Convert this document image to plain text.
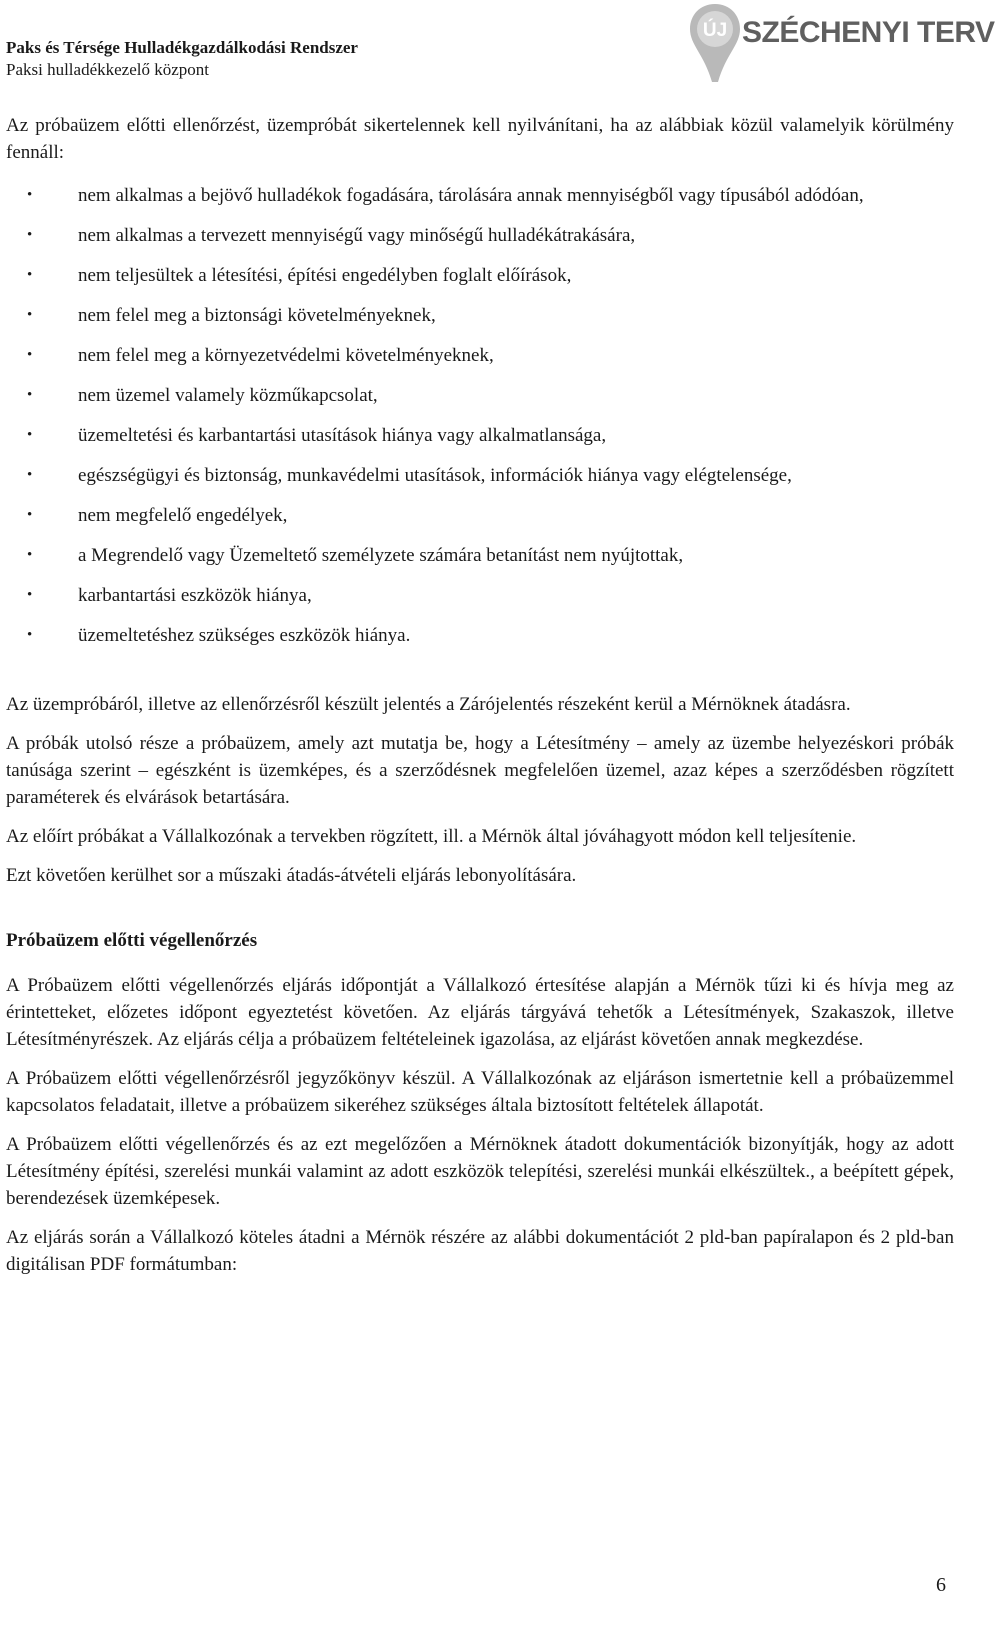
Paks és Térsége Hulladékgazdálkodási Rendszer
Paksi hulladékkezelő központ
ÚJ SZÉCHENYI TERV

Az próbaüzem előtti ellenőrzést, üzempróbát sikertelennek kell nyilvánítani, ha az alábbiak közül valamelyik körülmény fennáll:

• nem alkalmas a bejövő hulladékok fogadására, tárolására annak mennyiségből vagy típusából adódóan,
• nem alkalmas a tervezett mennyiségű vagy minőségű hulladékátrakására,
• nem teljesültek a létesítési, építési engedélyben foglalt előírások,
• nem felel meg a biztonsági követelményeknek,
• nem felel meg a környezetvédelmi követelményeknek,
• nem üzemel valamely közműkapcsolat,
• üzemeltetési és karbantartási utasítások hiánya vagy alkalmatlansága,
• egészségügyi és biztonság, munkavédelmi utasítások, információk hiánya vagy elégtelensége,
• nem megfelelő engedélyek,
• a Megrendelő vagy Üzemeltető személyzete számára betanítást nem nyújtottak,
• karbantartási eszközök hiánya,
• üzemeltetéshez szükséges eszközök hiánya.

Az üzempróbáról, illetve az ellenőrzésről készült jelentés a Zárójelentés részeként kerül a Mérnöknek átadásra.

A próbák utolsó része a próbaüzem, amely azt mutatja be, hogy a Létesítmény – amely az üzembe helyezéskori próbák tanúsága szerint – egészként is üzemképes, és a szerződésnek megfelelően üzemel, azaz képes a szerződésben rögzített paraméterek és elvárások betartására.

Az előírt próbákat a Vállalkozónak a tervekben rögzített, ill. a Mérnök által jóváhagyott módon kell teljesítenie.

Ezt követően kerülhet sor a műszaki átadás-átvételi eljárás lebonyolítására.

Próbaüzem előtti végellenőrzés

A Próbaüzem előtti végellenőrzés eljárás időpontját a Vállalkozó értesítése alapján a Mérnök tűzi ki és hívja meg az érintetteket, előzetes időpont egyeztetést követően. Az eljárás tárgyává tehetők a Létesítmények, Szakaszok, illetve Létesítményrészek. Az eljárás célja a próbaüzem feltételeinek igazolása, az eljárást követően annak megkezdése.

A Próbaüzem előtti végellenőrzésről jegyzőkönyv készül. A Vállalkozónak az eljáráson ismertetnie kell a próbaüzemmel kapcsolatos feladatait, illetve a próbaüzem sikeréhez szükséges általa biztosított feltételek állapotát.

A Próbaüzem előtti végellenőrzés és az ezt megelőzően a Mérnöknek átadott dokumentációk bizonyítják, hogy az adott Létesítmény építési, szerelési munkái valamint az adott eszközök telepítési, szerelési munkái elkészültek., a beépített gépek, berendezések üzemképesek.

Az eljárás során a Vállalkozó köteles átadni a Mérnök részére az alábbi dokumentációt 2 pld-ban papíralapon és 2 pld-ban digitálisan PDF formátumban:

6
